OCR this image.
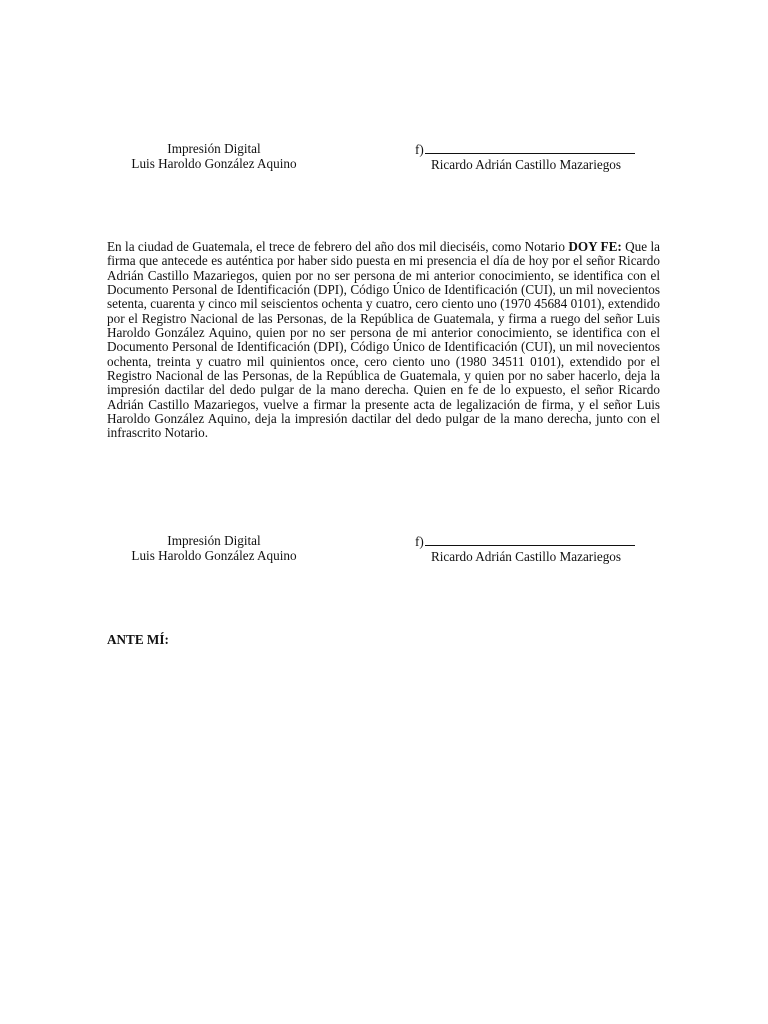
Impresión Digital
Luis Haroldo González Aquino
f)
Ricardo Adrián Castillo Mazariegos
En la ciudad de Guatemala, el trece de febrero del año dos mil dieciséis, como Notario DOY FE: Que la firma que antecede es auténtica por haber sido puesta en mi presencia el día de hoy por el señor Ricardo Adrián Castillo Mazariegos, quien por no ser persona de mi anterior conocimiento, se identifica con el Documento Personal de Identificación (DPI), Código Único de Identificación (CUI), un mil novecientos setenta, cuarenta y cinco mil seiscientos ochenta y cuatro, cero ciento uno (1970 45684 0101), extendido por el Registro Nacional de las Personas, de la República de Guatemala, y firma a ruego del señor Luis Haroldo González Aquino, quien por no ser persona de mi anterior conocimiento, se identifica con el Documento Personal de Identificación (DPI), Código Único de Identificación (CUI), un mil novecientos ochenta, treinta y cuatro mil quinientos once, cero ciento uno (1980 34511 0101), extendido por el Registro Nacional de las Personas, de la República de Guatemala, y quien por no saber hacerlo, deja la impresión dactilar del dedo pulgar de la mano derecha. Quien en fe de lo expuesto, el señor Ricardo Adrián Castillo Mazariegos, vuelve a firmar la presente acta de legalización de firma, y el señor Luis Haroldo González Aquino, deja la impresión dactilar del dedo pulgar de la mano derecha, junto con el infrascrito Notario.
Impresión Digital
Luis Haroldo González Aquino
f)
Ricardo Adrián Castillo Mazariegos
ANTE MÍ:
